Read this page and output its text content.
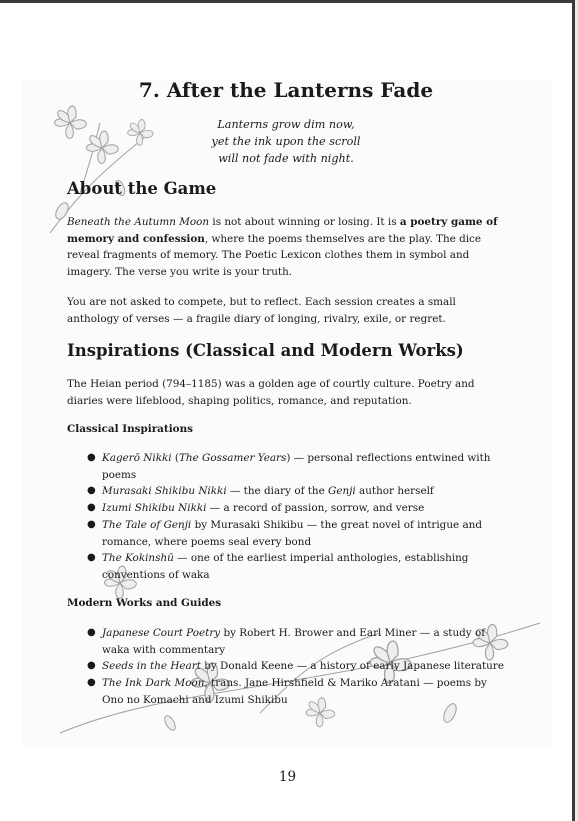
7. After the Lanterns Fade
Lanterns grow dim now,
yet the ink upon the scroll
will not fade with night.
About the Game

Beneath the Autumn Moon is not about winning or losing. It is a poetry game of memory and confession, where the poems themselves are the play. The dice reveal fragments of memory. The Poetic Lexicon clothes them in symbol and imagery. The verse you write is your truth.

You are not asked to compete, but to reflect. Each session creates a small anthology of verses — a fragile diary of longing, rivalry, exile, or regret.

Inspirations (Classical and Modern Works)

The Heian period (794–1185) was a golden age of courtly culture. Poetry and diaries were lifeblood, shaping politics, romance, and reputation.

Classical Inspirations
● Kagerō Nikki (The Gossamer Years) — personal reflections entwined with poems
● Murasaki Shikibu Nikki — the diary of the Genji author herself
● Izumi Shikibu Nikki — a record of passion, sorrow, and verse
● The Tale of Genji by Murasaki Shikibu — the great novel of intrigue and romance, where poems seal every bond
● The Kokinshū — one of the earliest imperial anthologies, establishing conventions of waka
Modern Works and Guides
● Japanese Court Poetry by Robert H. Brower and Earl Miner — a study of waka with commentary
● Seeds in the Heart by Donald Keene — a history of early Japanese literature
● The Ink Dark Moon, trans. Jane Hirshfield & Mariko Aratani — poems by Ono no Komachi and Izumi Shikibu
19
